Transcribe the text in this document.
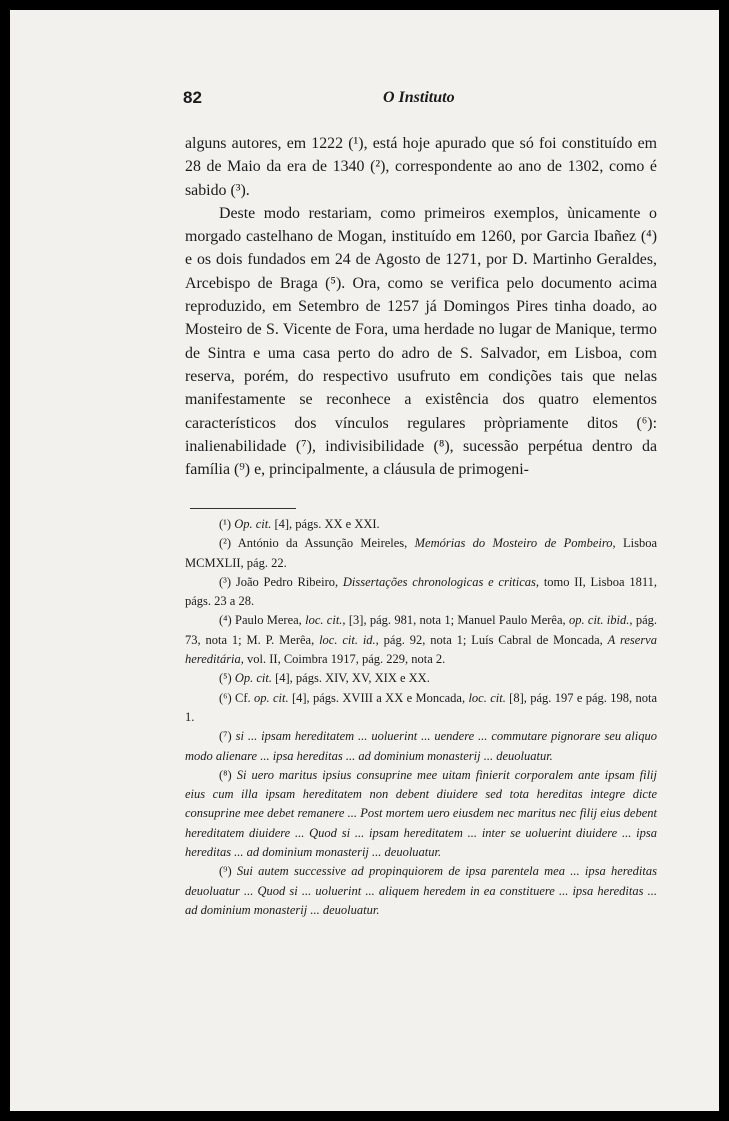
82	O Instituto

alguns autores, em 1222 (¹), está hoje apurado que só foi constituído em 28 de Maio da era de 1340 (²), correspondente ao ano de 1302, como é sabido (³).

Deste modo restariam, como primeiros exemplos, ùnicamente o morgado castelhano de Mogan, instituído em 1260, por Garcia Ibañez (⁴) e os dois fundados em 24 de Agosto de 1271, por D. Martinho Geraldes, Arcebispo de Braga (⁵). Ora, como se verifica pelo documento acima reproduzido, em Setembro de 1257 já Domingos Pires tinha doado, ao Mosteiro de S. Vicente de Fora, uma herdade no lugar de Manique, termo de Sintra e uma casa perto do adro de S. Salvador, em Lisboa, com reserva, porém, do respectivo usufruto em condições tais que nelas manifestamente se reconhece a existência dos quatro elementos característicos dos vínculos regulares pròpriamente ditos (⁶): inalienabilidade (⁷), indivisibilidade (⁸), sucessão perpétua dentro da família (⁹) e, principalmente, a cláusula de primogeni-

(¹) Op. cit. [4], págs. XX e XXI.

(²) António da Assunção Meireles, Memórias do Mosteiro de Pombeiro, Lisboa MCMXLII, pág. 22.

(³) João Pedro Ribeiro, Dissertações chronologicas e criticas, tomo II, Lisboa 1811, págs. 23 a 28.

(⁴) Paulo Merea, loc. cit., [3], pág. 981, nota 1; Manuel Paulo Merêa, op. cit. ibid., pág. 73, nota 1; M. P. Merêa, loc. cit. id., pág. 92, nota 1; Luís Cabral de Moncada, A reserva hereditária, vol. II, Coimbra 1917, pág. 229, nota 2.

(⁵) Op. cit. [4], págs. XIV, XV, XIX e XX.

(⁶) Cf. op. cit. [4], págs. XVIII a XX e Moncada, loc. cit. [8], pág. 197 e pág. 198, nota 1.

(⁷) si ... ipsam hereditatem ... uoluerint ... uendere ... commutare pignorare seu aliquo modo alienare ... ipsa hereditas ... ad dominium monasterij ... deuoluatur.

(⁸) Si uero maritus ipsius consuprine mee uitam finierit corporalem ante ipsam filij eius cum illa ipsam hereditatem non debent diuidere sed tota hereditas integre dicte consuprine mee debet remanere ... Post mortem uero eiusdem nec maritus nec filij eius debent hereditatem diuidere ... Quod si ... ipsam hereditatem ... inter se uoluerint diuidere ... ipsa hereditas ... ad dominium monasterij ... deuoluatur.

(⁹) Sui autem successive ad propinquiorem de ipsa parentela mea ... ipsa hereditas deuoluatur ... Quod si ... uoluerint ... aliquem heredem in ea constituere ... ipsa hereditas ... ad dominium monasterij ... deuoluatur.
